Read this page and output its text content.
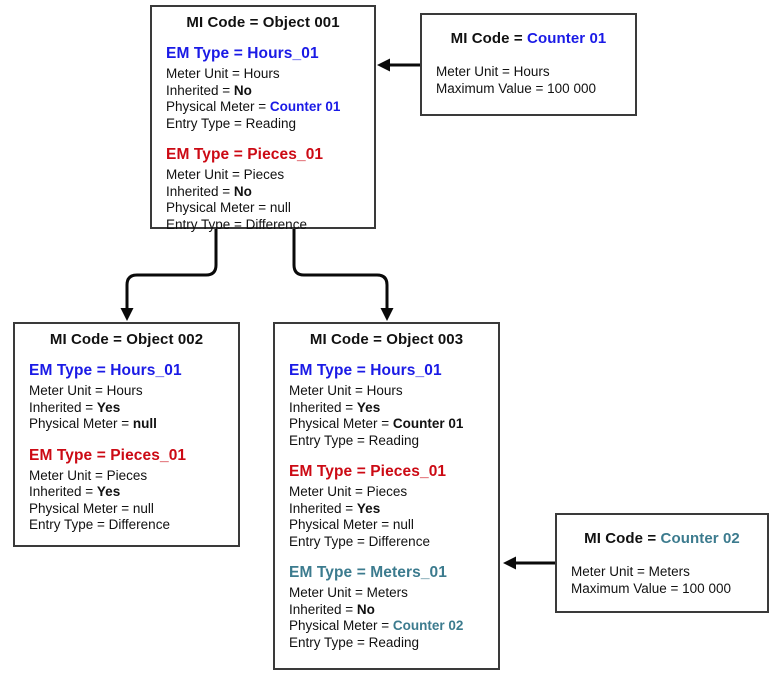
MI Code = Object 001
EM Type = Hours_01
Meter Unit = Hours
Inherited = No
Physical Meter = Counter 01
Entry Type = Reading
EM Type = Pieces_01
Meter Unit = Pieces
Inherited = No
Physical Meter = null
Entry Type = Difference
MI Code = Counter 01
Meter Unit = Hours
Maximum Value = 100 000
MI Code = Object 002
EM Type = Hours_01
Meter Unit = Hours
Inherited = Yes
Physical Meter = null
EM Type = Pieces_01
Meter Unit = Pieces
Inherited = Yes
Physical Meter = null
Entry Type = Difference
MI Code = Object 003
EM Type = Hours_01
Meter Unit = Hours
Inherited = Yes
Physical Meter = Counter 01
Entry Type = Reading
EM Type = Pieces_01
Meter Unit = Pieces
Inherited = Yes
Physical Meter = null
Entry Type = Difference
EM Type = Meters_01
Meter Unit = Meters
Inherited = No
Physical Meter = Counter 02
Entry Type = Reading
MI Code = Counter 02
Meter Unit = Meters
Maximum Value = 100 000
